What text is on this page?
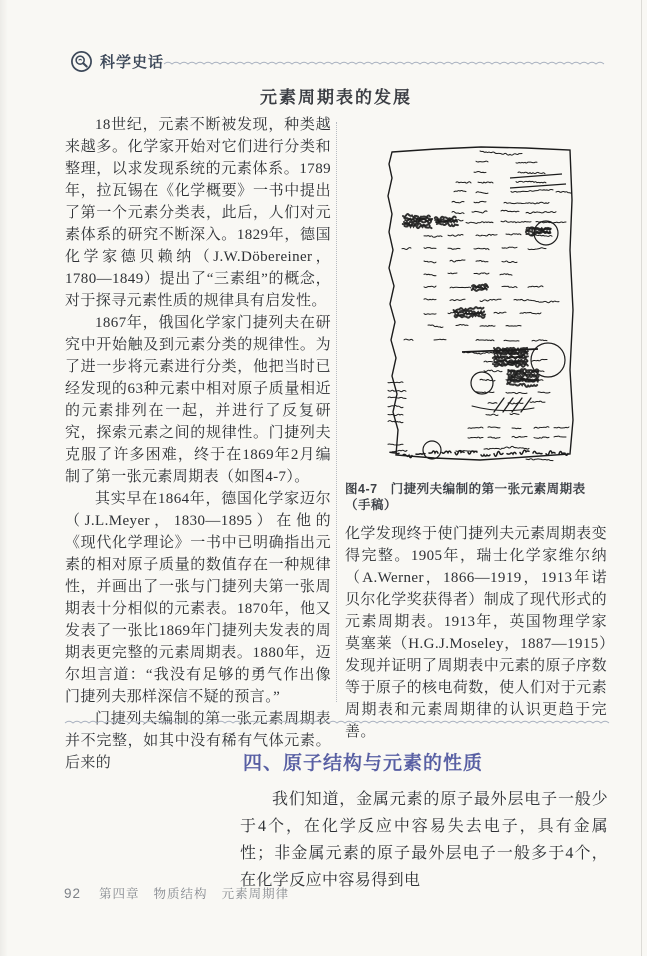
科学史话
元素周期表的发展

18世纪，元素不断被发现，种类越来越多。化学家开始对它们进行分类和整理，以求发现系统的元素体系。1789年，拉瓦锡在《化学概要》一书中提出了第一个元素分类表，此后，人们对元素体系的研究不断深入。1829年，德国化学家德贝赖纳（J.W.Döbereiner，1780—1849）提出了“三素组”的概念，对于探寻元素性质的规律具有启发性。

1867年，俄国化学家门捷列夫在研究中开始触及到元素分类的规律性。为了进一步将元素进行分类，他把当时已经发现的63种元素中相对原子质量相近的元素排列在一起，并进行了反复研究，探索元素之间的规律性。门捷列夫克服了许多困难，终于在1869年2月编制了第一张元素周期表（如图4-7）。

其实早在1864年，德国化学家迈尔（J.L.Meyer，1830—1895）在他的《现代化学理论》一书中已明确指出元素的相对原子质量的数值存在一种规律性，并画出了一张与门捷列夫第一张周期表十分相似的元素表。1870年，他又发表了一张比1869年门捷列夫发表的周期表更完整的元素周期表。1880年，迈尔坦言道：“我没有足够的勇气作出像门捷列夫那样深信不疑的预言。”

门捷列夫编制的第一张元素周期表并不完整，如其中没有稀有气体元素。后来的

图4-7　门捷列夫编制的第一张元素周期表（手稿）

化学发现终于使门捷列夫元素周期表变得完整。1905年，瑞士化学家维尔纳（A.Werner，1866—1919，1913年诺贝尔化学奖获得者）制成了现代形式的元素周期表。1913年，英国物理学家莫塞莱（H.G.J.Moseley，1887—1915）发现并证明了周期表中元素的原子序数等于原子的核电荷数，使人们对于元素周期表和元素周期律的认识更趋于完善。

四、原子结构与元素的性质

我们知道，金属元素的原子最外层电子一般少于4个，在化学反应中容易失去电子，具有金属性；非金属元素的原子最外层电子一般多于4个，在化学反应中容易得到电

92 第四章 物质结构 元素周期律
